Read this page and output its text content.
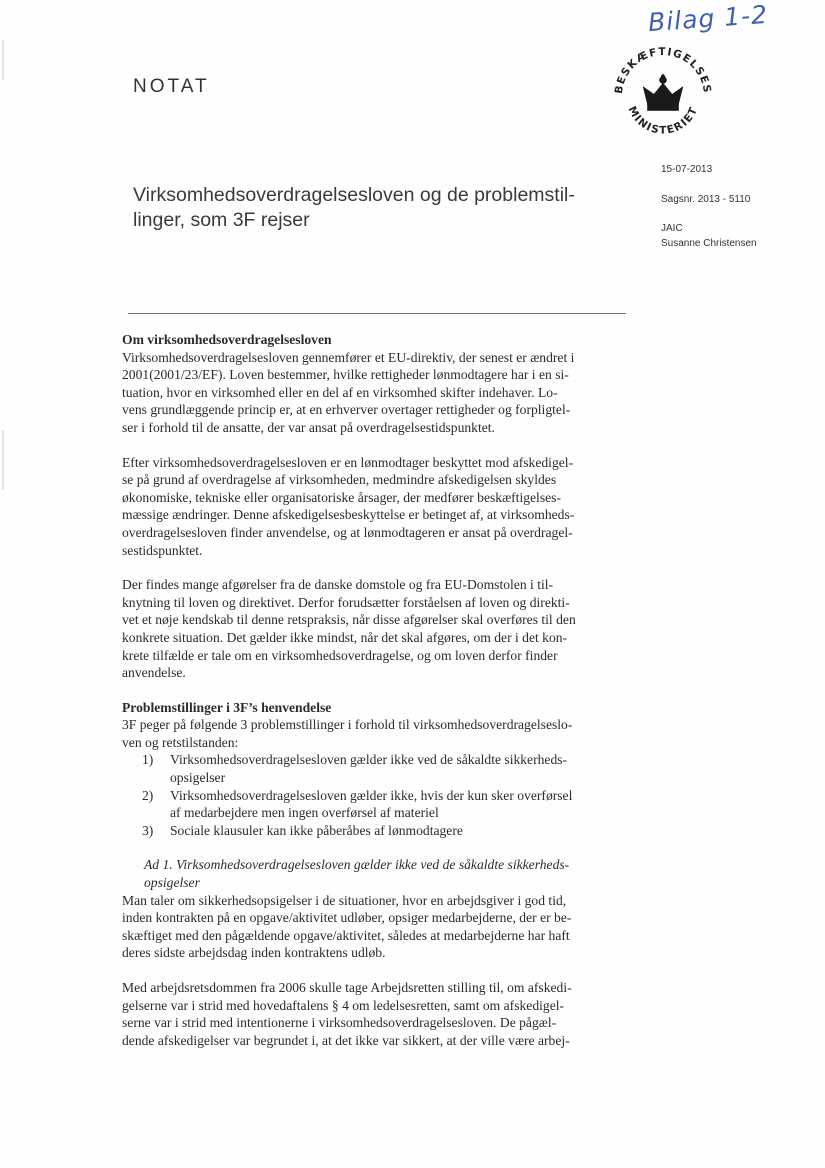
Bilag 1-2
NOTAT	BESKÆFTIGELSES
MINISTERIET
15-07-2013
Sagsnr. 2013 - 5110
JAIC
Susanne Christensen
Virksomhedsoverdragelsesloven og de problemstil-
linger, som 3F rejser
Om virksomhedsoverdragelsesloven
Virksomhedsoverdragelsesloven gennemfører et EU-direktiv, der senest er ændret i
2001(2001/23/EF). Loven bestemmer, hvilke rettigheder lønmodtagere har i en si-
tuation, hvor en virksomhed eller en del af en virksomhed skifter indehaver. Lo-
vens grundlæggende princip er, at en erhverver overtager rettigheder og forpligtel-
ser i forhold til de ansatte, der var ansat på overdragelsestidspunktet.
Efter virksomhedsoverdragelsesloven er en lønmodtager beskyttet mod afskedigel-
se på grund af overdragelse af virksomheden, medmindre afskedigelsen skyldes
økonomiske, tekniske eller organisatoriske årsager, der medfører beskæftigelses-
mæssige ændringer. Denne afskedigelsesbeskyttelse er betinget af, at virksomheds-
overdragelsesloven finder anvendelse, og at lønmodtageren er ansat på overdragel-
sestidspunktet.
Der findes mange afgørelser fra de danske domstole og fra EU-Domstolen i til-
knytning til loven og direktivet. Derfor forudsætter forståelsen af loven og direkti-
vet et nøje kendskab til denne retspraksis, når disse afgørelser skal overføres til den
konkrete situation. Det gælder ikke mindst, når det skal afgøres, om der i det kon-
krete tilfælde er tale om en virksomhedsoverdragelse, og om loven derfor finder
anvendelse.
Problemstillinger i 3F’s henvendelse
3F peger på følgende 3 problemstillinger i forhold til virksomhedsoverdragelseslo-
ven og retstilstanden:
1)	Virksomhedsoverdragelsesloven gælder ikke ved de såkaldte sikkerheds-
opsigelser
2)	Virksomhedsoverdragelsesloven gælder ikke, hvis der kun sker overførsel
af medarbejdere men ingen overførsel af materiel
3)	Sociale klausuler kan ikke påberåbes af lønmodtagere
Ad 1. Virksomhedsoverdragelsesloven gælder ikke ved de såkaldte sikkerheds-
opsigelser
Man taler om sikkerhedsopsigelser i de situationer, hvor en arbejdsgiver i god tid,
inden kontrakten på en opgave/aktivitet udløber, opsiger medarbejderne, der er be-
skæftiget med den pågældende opgave/aktivitet, således at medarbejderne har haft
deres sidste arbejdsdag inden kontraktens udløb.
Med arbejdsretsdommen fra 2006 skulle tage Arbejdsretten stilling til, om afskedi-
gelserne var i strid med hovedaftalens § 4 om ledelsesretten, samt om afskedigel-
serne var i strid med intentionerne i virksomhedsoverdragelsesloven. De pågæl-
dende afskedigelser var begrundet i, at det ikke var sikkert, at der ville være arbej-
